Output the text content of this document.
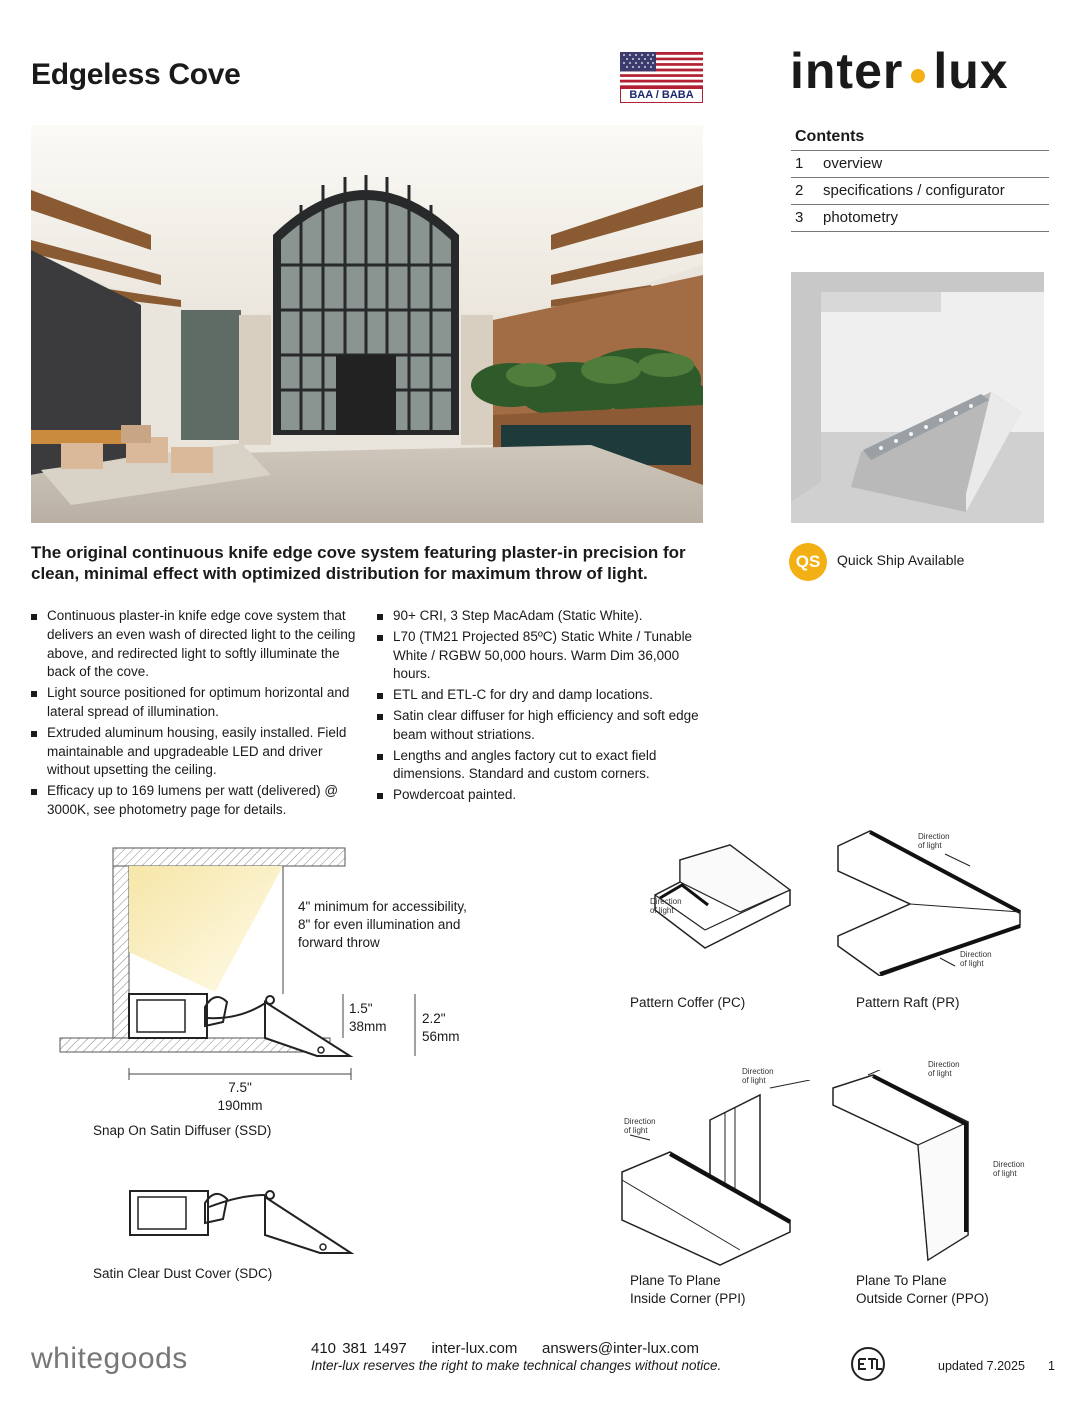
Edgeless Cove
BAA / BABA inter lux
Contents
1	overview
2	specifications / configurator
3	photometry
QS	Quick Ship Available
The original continuous knife edge cove system featuring plaster-in precision for clean, minimal effect with optimized distribution for maximum throw of light.
Continuous plaster-in knife edge cove system that delivers an even wash of directed light to the ceiling above, and redirected light to softly illuminate the back of the cove.
Light source positioned for optimum horizontal and lateral spread of illumination.
Extruded aluminum housing, easily installed. Field maintainable and upgradeable LED and driver without upsetting the ceiling.
Efficacy up to 169 lumens per watt (delivered) @ 3000K, see photometry page for details.
90+ CRI, 3 Step MacAdam (Static White).
L70 (TM21 Projected 85ºC) Static White / Tunable White / RGBW 50,000 hours. Warm Dim 36,000 hours.
ETL and ETL-C for dry and damp locations.
Satin clear diffuser for high efficiency and soft edge beam without striations.
Lengths and angles factory cut to exact field dimensions. Standard and custom corners.
Powdercoat painted.
4" minimum for accessibility,
8" for even illumination and
forward throw
1.5"
38mm
2.2"
56mm
7.5"
190mm
Snap On Satin Diffuser (SSD)
Satin Clear Dust Cover (SDC)
Direction
of light
Pattern Coffer (PC)
Direction
of light
Direction
of light
Pattern Raft (PR)
Direction
of light
Direction
of light
Plane To Plane
Inside Corner (PPI)
Direction
of light
Direction
of light
Plane To Plane
Outside Corner (PPO)
whitegoods	410 381 1497 inter-lux.com answers@inter-lux.com
Inter-lux reserves the right to make technical changes without notice.	updated 7.2025 1
